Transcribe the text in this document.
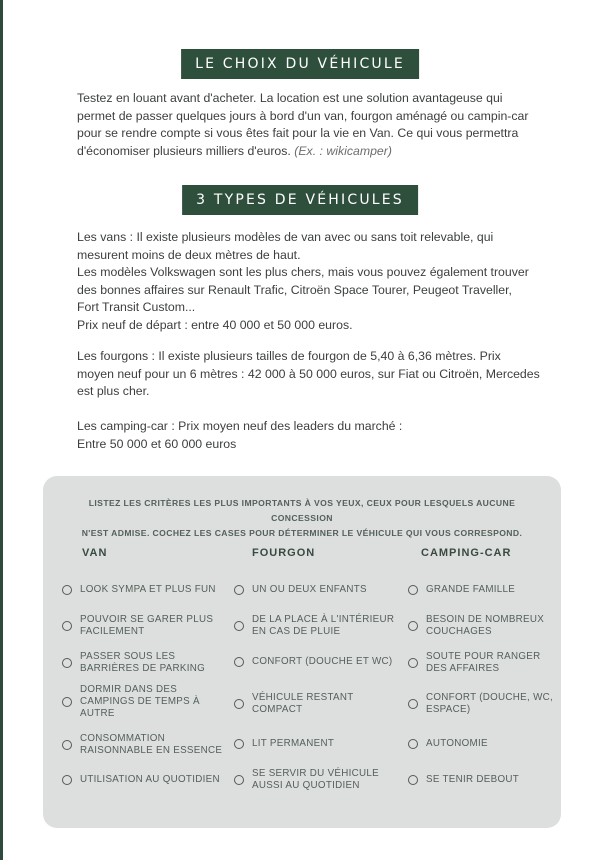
LE CHOIX DU VÉHICULE
Testez en louant avant d'acheter. La location est une solution avantageuse qui
permet de passer quelques jours à bord d'un van, fourgon aménagé ou campin-car
pour se rendre compte si vous êtes fait pour la vie en Van. Ce qui vous permettra
d'économiser plusieurs milliers d'euros. (Ex. : wikicamper)
3 TYPES DE VÉHICULES
Les vans : Il existe plusieurs modèles de van avec ou sans toit relevable, qui
mesurent moins de deux mètres de haut.
Les modèles Volkswagen sont les plus chers, mais vous pouvez également trouver
des bonnes affaires sur Renault Trafic, Citroën Space Tourer, Peugeot Traveller,
Fort Transit Custom...
Prix neuf de départ : entre 40 000 et 50 000 euros.
Les fourgons : Il existe plusieurs tailles de fourgon de 5,40 à 6,36 mètres. Prix
moyen neuf pour un 6 mètres : 42 000 à 50 000 euros, sur Fiat ou Citroën, Mercedes
est plus cher.
Les camping-car : Prix moyen neuf des leaders du marché :
Entre 50 000 et 60 000 euros
LISTEZ LES CRITÈRES LES PLUS IMPORTANTS À VOS YEUX, CEUX POUR LESQUELS AUCUNE CONCESSION
N'EST ADMISE. COCHEZ LES CASES POUR DÉTERMINER LE VÉHICULE QUI VOUS CORRESPOND.
VAN	FOURGON	CAMPING-CAR
LOOK SYMPA ET PLUS FUN
POUVOIR SE GARER PLUS
FACILEMENT
PASSER SOUS LES
BARRIÈRES DE PARKING
DORMIR DANS DES
CAMPINGS DE TEMPS À
AUTRE
CONSOMMATION
RAISONNABLE EN ESSENCE
UTILISATION AU QUOTIDIEN
UN OU DEUX ENFANTS
DE LA PLACE À L'INTÉRIEUR
EN CAS DE PLUIE
CONFORT (DOUCHE ET WC)
VÉHICULE RESTANT
COMPACT
LIT PERMANENT
SE SERVIR DU VÉHICULE
AUSSI AU QUOTIDIEN
GRANDE FAMILLE
BESOIN DE NOMBREUX
COUCHAGES
SOUTE POUR RANGER
DES AFFAIRES
CONFORT (DOUCHE, WC,
ESPACE)
AUTONOMIE
SE TENIR DEBOUT
